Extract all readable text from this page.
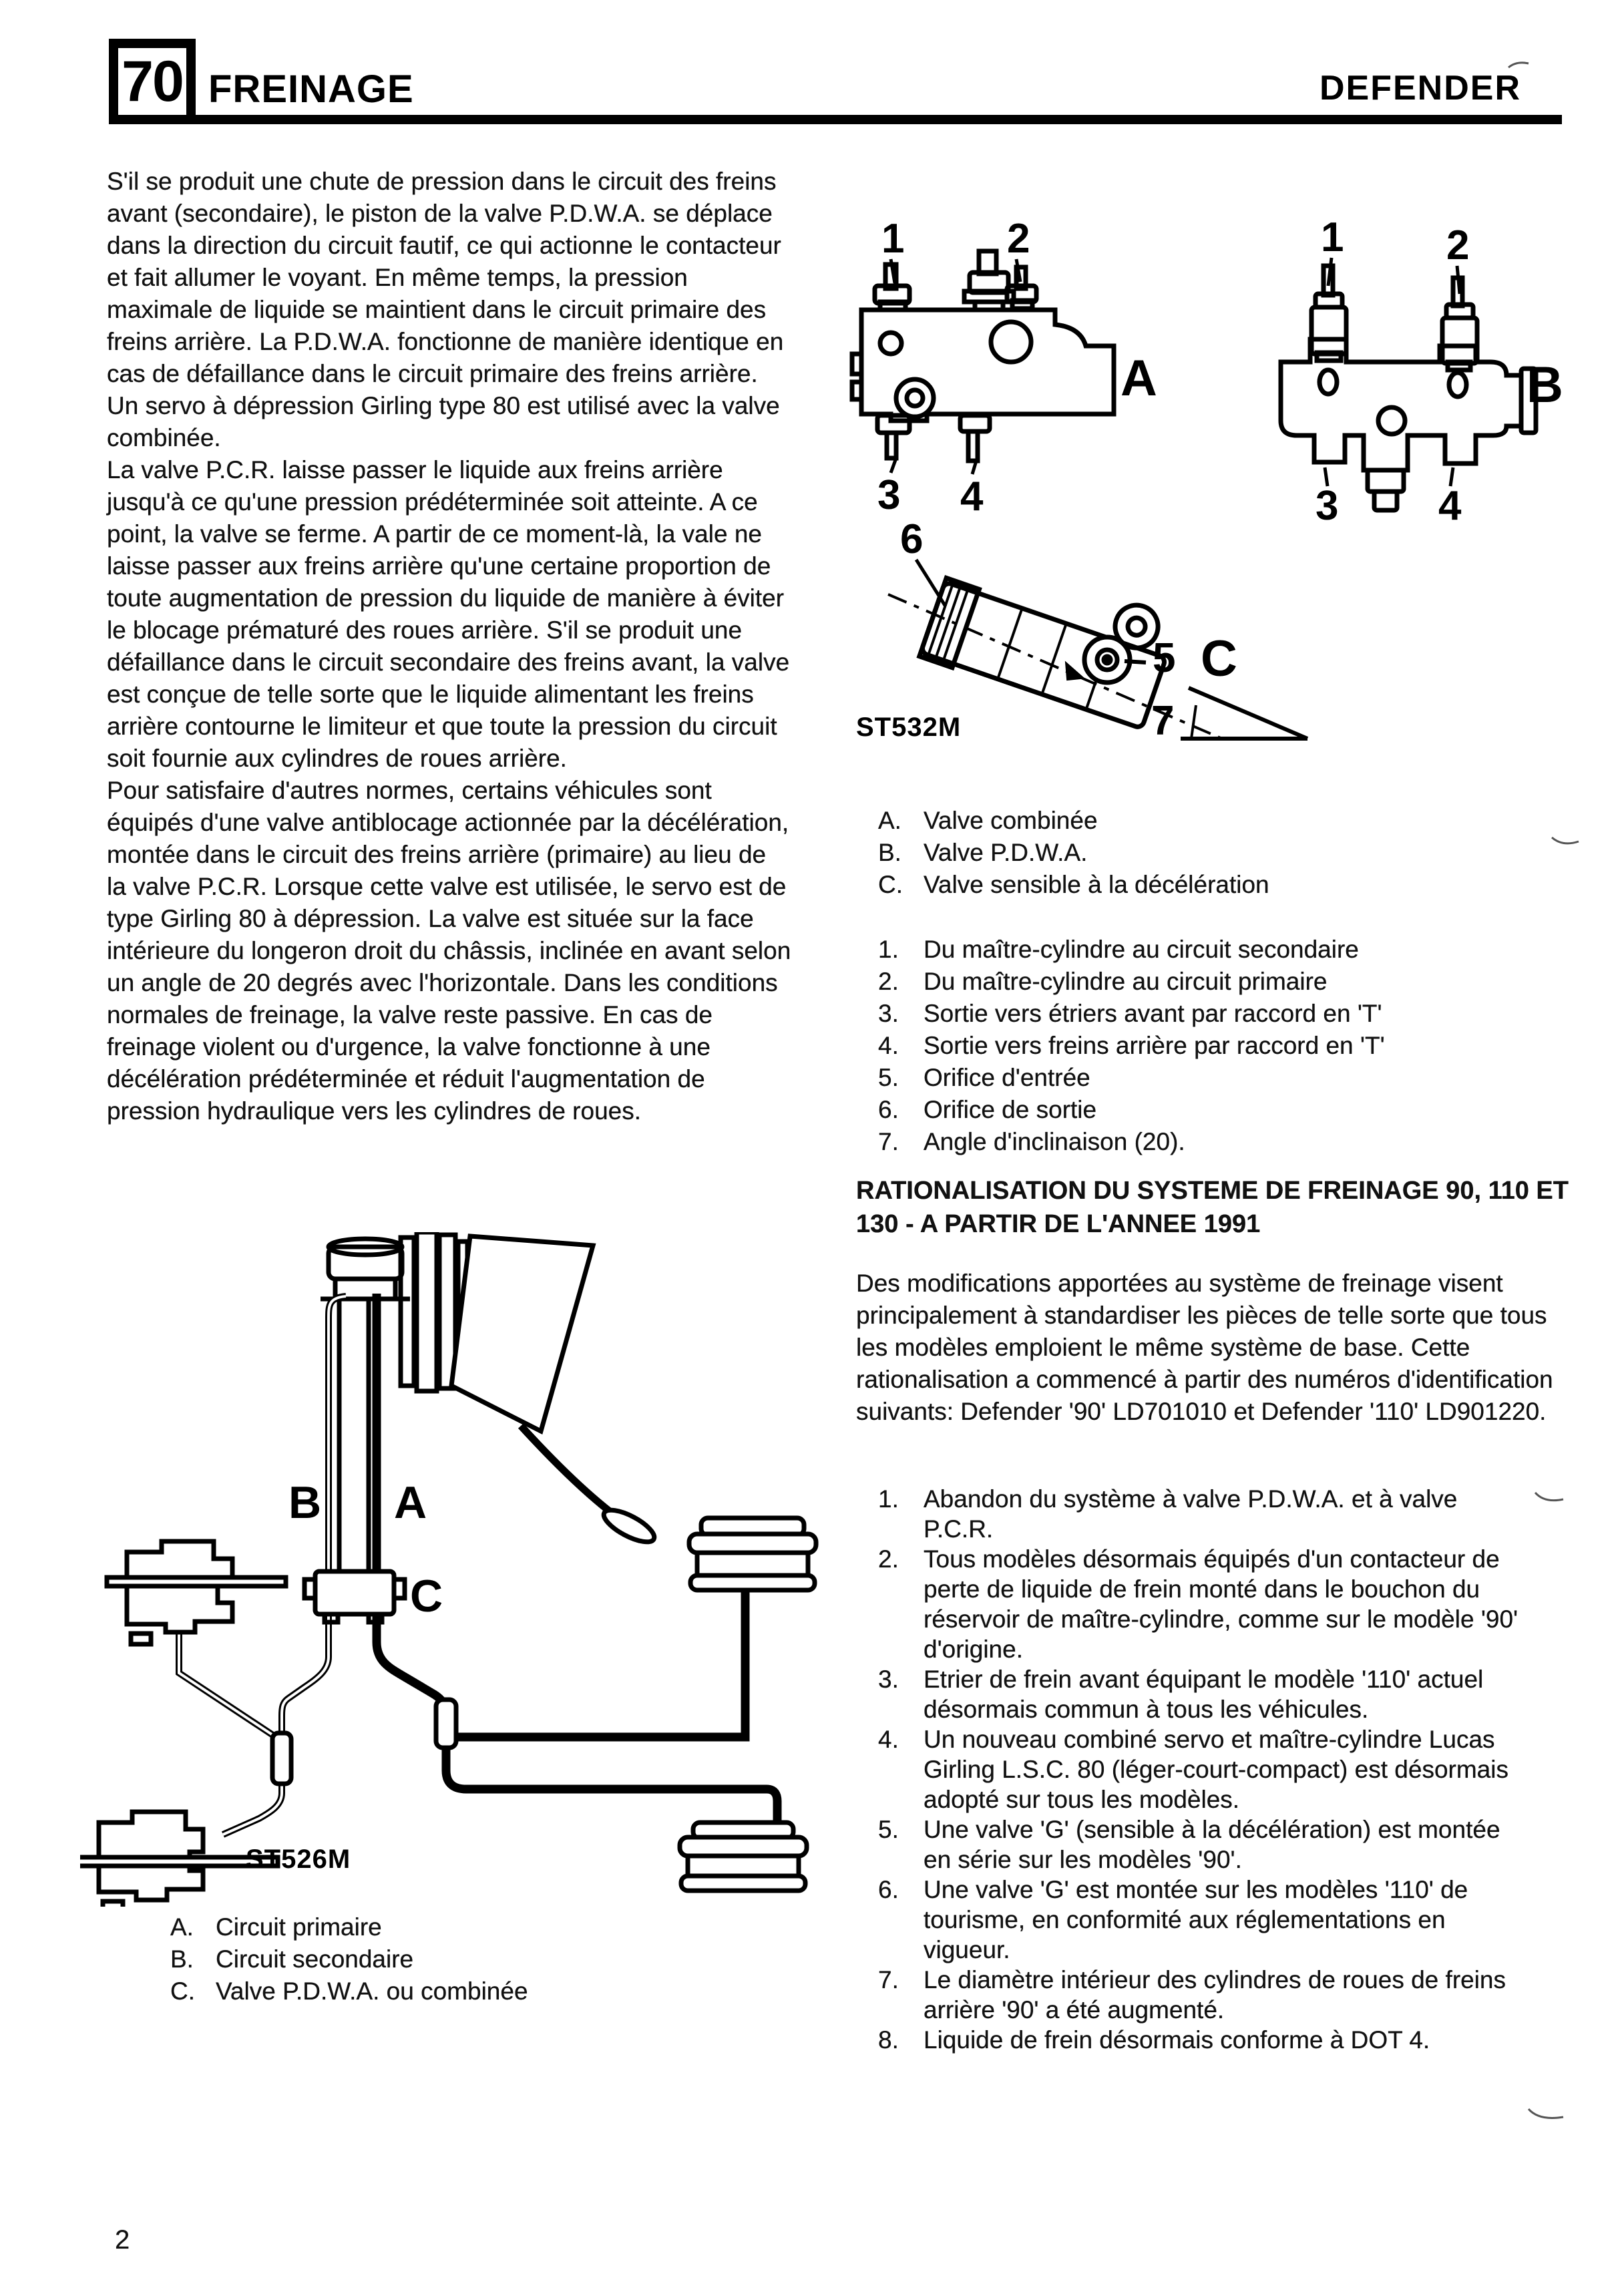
70 FREINAGE	DEFENDER

S'il se produit une chute de pression dans le circuit des freins avant (secondaire), le piston de la valve P.D.W.A. se déplace dans la direction du circuit fautif, ce qui actionne le contacteur et fait allumer le voyant. En même temps, la pression maximale de liquide se maintient dans le circuit primaire des freins arrière. La P.D.W.A. fonctionne de manière identique en cas de défaillance dans le circuit primaire des freins arrière. Un servo à dépression Girling type 80 est utilisé avec la valve combinée.

La valve P.C.R. laisse passer le liquide aux freins arrière jusqu'à ce qu'une pression prédéterminée soit atteinte. A ce point, la valve se ferme. A partir de ce moment-là, la vale ne laisse passer aux freins arrière qu'une certaine proportion de toute augmentation de pression du liquide de manière à éviter le blocage prématuré des roues arrière. S'il se produit une défaillance dans le circuit secondaire des freins avant, la valve est conçue de telle sorte que le liquide alimentant les freins arrière contourne le limiteur et que toute la pression du circuit soit fournie aux cylindres de roues arrière.

Pour satisfaire d'autres normes, certains véhicules sont équipés d'une valve antiblocage actionnée par la décélération, montée dans le circuit des freins arrière (primaire) au lieu de la valve P.C.R. Lorsque cette valve est utilisée, le servo est de type Girling 80 à dépression. La valve est située sur la face intérieure du longeron droit du châssis, inclinée en avant selon un angle de 20 degrés avec l'horizontale. Dans les conditions normales de freinage, la valve reste passive. En cas de freinage violent ou d'urgence, la valve fonctionne à une décélération prédéterminée et réduit l'augmentation de pression hydraulique vers les cylindres de roues.

1 2
3 4
A
1 2
3 4
B
6
5 C
7
ST532M
A. Valve combinée
B. Valve P.D.W.A.
C. Valve sensible à la décélération
1. Du maître-cylindre au circuit secondaire
2. Du maître-cylindre au circuit primaire
3. Sortie vers étriers avant par raccord en 'T'
4. Sortie vers freins arrière par raccord en 'T'
5. Orifice d'entrée
6. Orifice de sortie
7. Angle d'inclinaison (20).
RATIONALISATION DU SYSTEME DE FREINAGE 90, 110 ET 130 - A PARTIR DE L'ANNEE 1991
Des modifications apportées au système de freinage visent principalement à standardiser les pièces de telle sorte que tous les modèles emploient le même système de base. Cette rationalisation a commencé à partir des numéros d'identification suivants: Defender '90' LD701010 et Defender '110' LD901220.
1. Abandon du système à valve P.D.W.A. et à valve P.C.R.
2. Tous modèles désormais équipés d'un contacteur de perte de liquide de frein monté dans le bouchon du réservoir de maître-cylindre, comme sur le modèle '90' d'origine.
3. Etrier de frein avant équipant le modèle '110' actuel désormais commun à tous les véhicules.
4. Un nouveau combiné servo et maître-cylindre Lucas Girling L.S.C. 80 (léger-court-compact) est désormais adopté sur tous les modèles.
5. Une valve 'G' (sensible à la décélération) est montée en série sur les modèles '90'.
6. Une valve 'G' est montée sur les modèles '110' de tourisme, en conformité aux réglementations en vigueur.
7. Le diamètre intérieur des cylindres de roues de freins arrière '90' a été augmenté.
8. Liquide de frein désormais conforme à DOT 4.
B A
C
ST526M
A. Circuit primaire
B. Circuit secondaire
C. Valve P.D.W.A. ou combinée
2
